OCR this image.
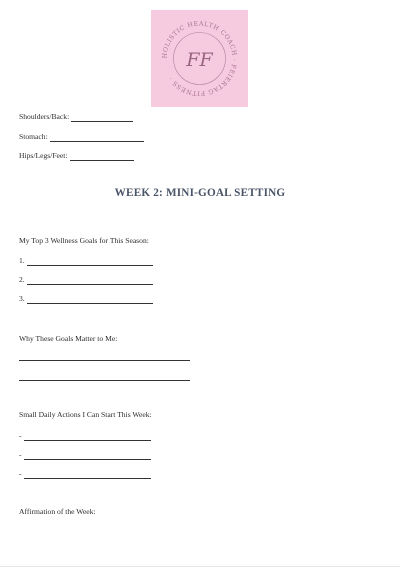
HOLISTIC HEALTH COACH · FEIERTAG FITNESS ·
FF
Shoulders/Back:
Stomach:
Hips/Legs/Feet:
WEEK 2: MINI-GOAL SETTING
My Top 3 Wellness Goals for This Season:
1.
2.
3.
Why These Goals Matter to Me:
Small Daily Actions I Can Start This Week:
-
-
-
Affirmation of the Week:
